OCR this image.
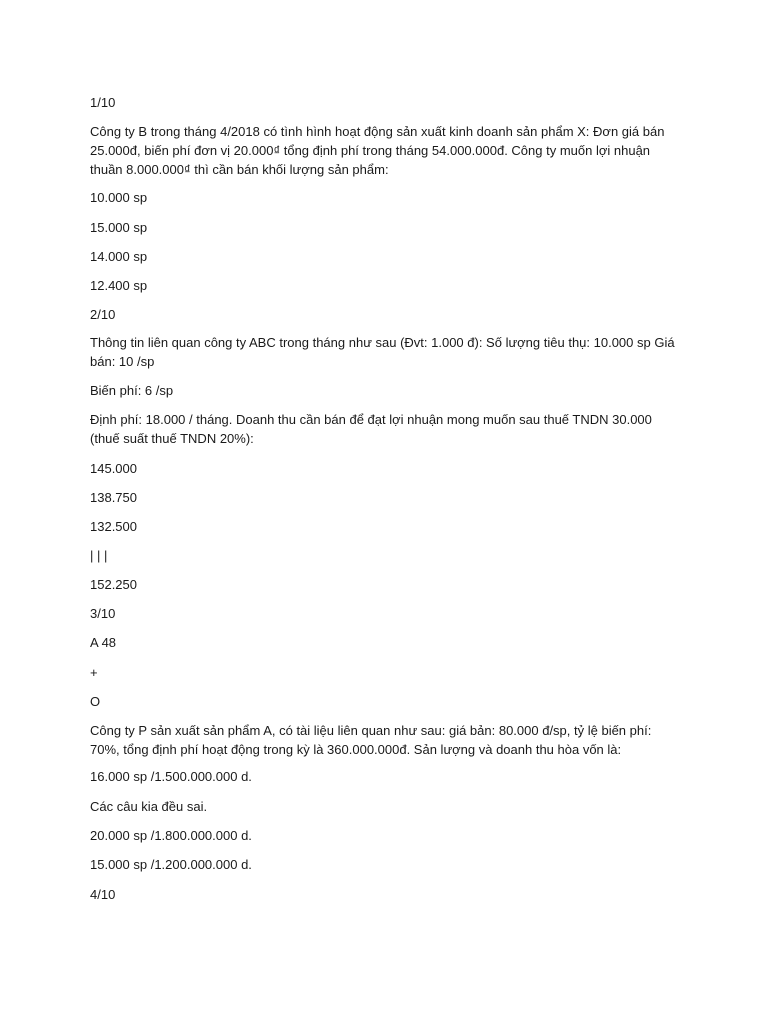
1/10

Công ty B trong tháng 4/2018 có tình hình hoạt động sản xuất kinh doanh sản phẩm X: Đơn giá bán 25.000đ, biến phí đơn vị 20.000₫ tổng định phí trong tháng 54.000.000đ. Công ty muốn lợi nhuận thuần 8.000.000₫ thì cần bán khối lượng sản phẩm:

10.000 sp

15.000 sp

14.000 sp

12.400 sp

2/10

Thông tin liên quan công ty ABC trong tháng như sau (Đvt: 1.000 đ): Số lượng tiêu thụ: 10.000 sp Giá bán: 10 /sp

Biến phí: 6 /sp

Định phí: 18.000 / tháng. Doanh thu cần bán để đạt lợi nhuận mong muốn sau thuế TNDN 30.000 (thuế suất thuế TNDN 20%):

145.000

138.750

132.500

| | |

152.250

3/10

A 48

+

O

Công ty P sản xuất sản phẩm A, có tài liệu liên quan như sau: giá bản: 80.000 đ/sp, tỷ lệ biến phí: 70%, tổng định phí hoạt động trong kỳ là 360.000.000đ. Sản lượng và doanh thu hòa vốn là:

16.000 sp /1.500.000.000 d.

Các câu kia đều sai.

20.000 sp /1.800.000.000 d.

15.000 sp /1.200.000.000 d.

4/10
